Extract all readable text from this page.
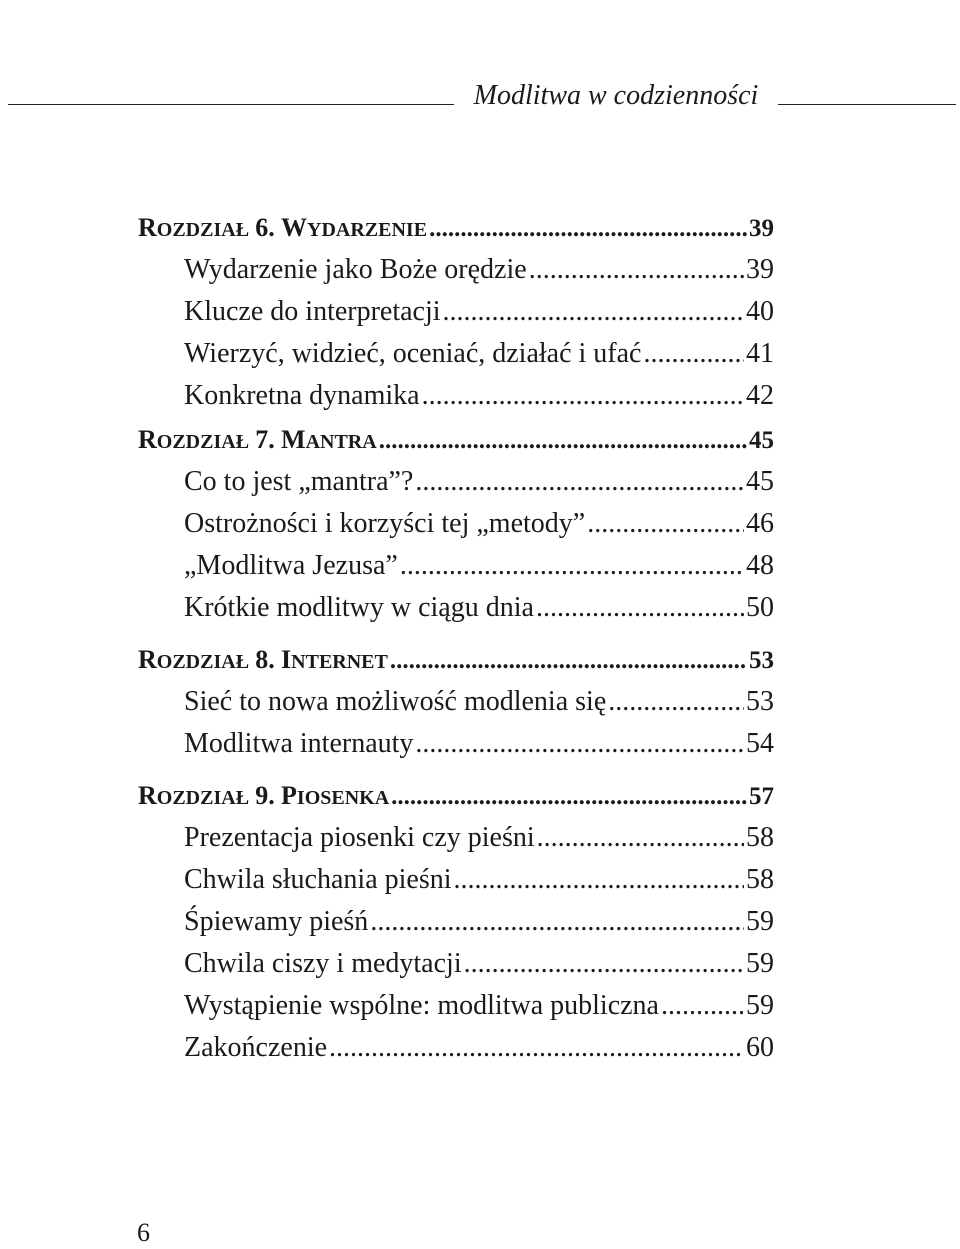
Modlitwa w codzienności
ROZDZIAŁ 6. WYDARZENIE .....	39
Wydarzenie jako Boże orędzie .....	39
Klucze do interpretacji .....	40
Wierzyć, widzieć, oceniać, działać i ufać .....	41
Konkretna dynamika .....	42
ROZDZIAŁ 7. MANTRA .....	45
Co to jest „mantra”? .....	45
Ostrożności i korzyści tej „metody” .....	46
„Modlitwa Jezusa” .....	48
Krótkie modlitwy w ciągu dnia .....	50
ROZDZIAŁ 8. INTERNET .....	53
Sieć to nowa możliwość modlenia się .....	53
Modlitwa internauty .....	54
ROZDZIAŁ 9. PIOSENKA .....	57
Prezentacja piosenki czy pieśni .....	58
Chwila słuchania pieśni .....	58
Śpiewamy pieśń .....	59
Chwila ciszy i medytacji .....	59
Wystąpienie wspólne: modlitwa publiczna .....	59
Zakończenie .....	60
6
